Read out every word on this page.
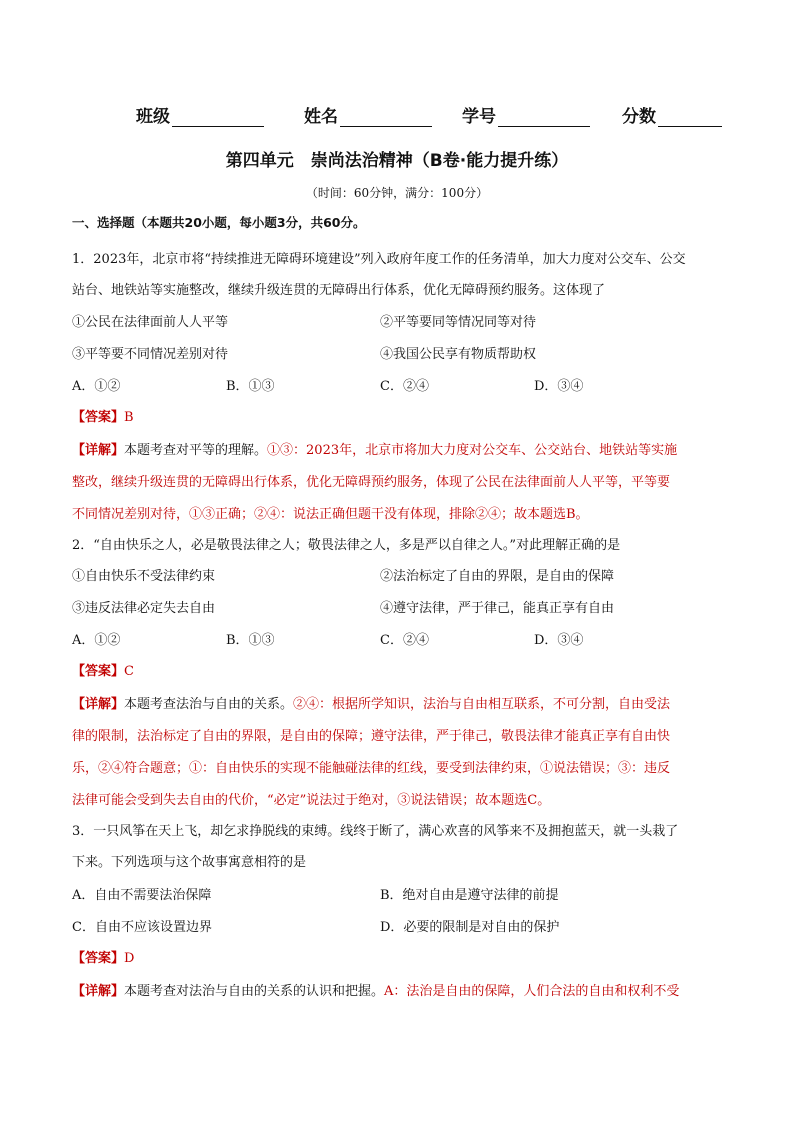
班级	姓名	学号	分数
第四单元　崇尚法治精神（B卷·能力提升练）
（时间：60分钟，满分：100分）
一、选择题（本题共20小题，每小题3分，共60分。
1．2023年，北京市将“持续推进无障碍环境建设”列入政府年度工作的任务清单，加大力度对公交车、公交
站台、地铁站等实施整改，继续升级连贯的无障碍出行体系，优化无障碍预约服务。这体现了
①公民在法律面前人人平等	②平等要同等情况同等对待
③平等要不同情况差别对待	④我国公民享有物质帮助权
A．①②	B．①③	C．②④	D．③④
【答案】B
【详解】本题考查对平等的理解。①③：2023年，北京市将加大力度对公交车、公交站台、地铁站等实施
整改，继续升级连贯的无障碍出行体系，优化无障碍预约服务，体现了公民在法律面前人人平等，平等要
不同情况差别对待，①③正确；②④：说法正确但题干没有体现，排除②④；故本题选B。
2．“自由快乐之人，必是敬畏法律之人；敬畏法律之人，多是严以自律之人。”对此理解正确的是
①自由快乐不受法律约束	②法治标定了自由的界限，是自由的保障
③违反法律必定失去自由	④遵守法律，严于律己，能真正享有自由
A．①②	B．①③	C．②④	D．③④
【答案】C
【详解】本题考查法治与自由的关系。②④：根据所学知识，法治与自由相互联系，不可分割，自由受法
律的限制，法治标定了自由的界限，是自由的保障；遵守法律，严于律己，敬畏法律才能真正享有自由快
乐，②④符合题意；①：自由快乐的实现不能触碰法律的红线，要受到法律约束，①说法错误；③：违反
法律可能会受到失去自由的代价，“必定”说法过于绝对，③说法错误；故本题选C。
3．一只风筝在天上飞，却乞求挣脱线的束缚。线终于断了，满心欢喜的风筝来不及拥抱蓝天，就一头栽了
下来。下列选项与这个故事寓意相符的是
A．自由不需要法治保障	B．绝对自由是遵守法律的前提
C．自由不应该设置边界	D．必要的限制是对自由的保护
【答案】D
【详解】本题考查对法治与自由的关系的认识和把握。A：法治是自由的保障，人们合法的自由和权利不受
